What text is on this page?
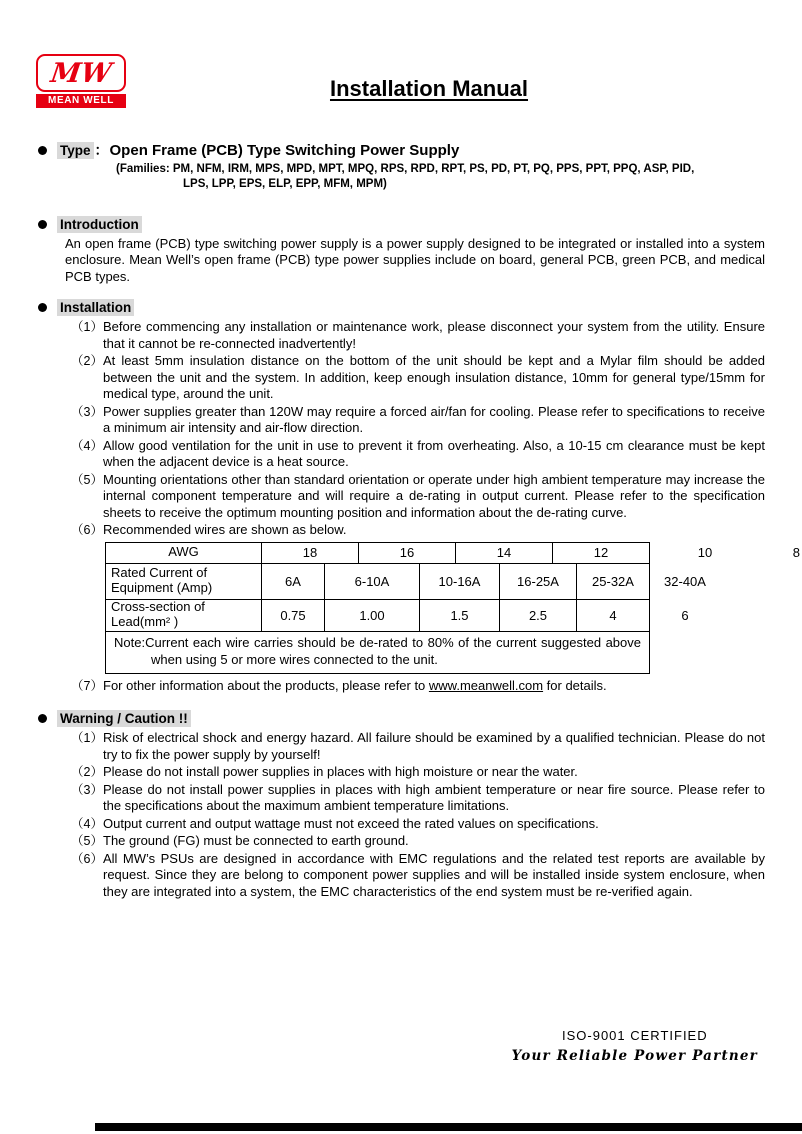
MW
MEAN WELL	Installation Manual
Type ： Open Frame (PCB) Type Switching Power Supply
(Families: PM, NFM, IRM, MPS, MPD, MPT, MPQ, RPS, RPD, RPT, PS, PD, PT, PQ, PPS, PPT, PPQ, ASP, PID,
LPS, LPP, EPS, ELP, EPP, MFM, MPM)
Introduction
An open frame (PCB) type switching power supply is a power supply designed to be integrated or installed into a system enclosure. Mean Well’s open frame (PCB) type power supplies include on board, general PCB, green PCB, and medical PCB types.
Installation
（1） Before commencing any installation or maintenance work, please disconnect your system from the utility. Ensure that it cannot be re-connected inadvertently!
（2） At least 5mm insulation distance on the bottom of the unit should be kept and a Mylar film should be added between the unit and the system. In addition, keep enough insulation distance, 10mm for general type/15mm for medical type, around the unit.
（3） Power supplies greater than 120W may require a forced air/fan for cooling. Please refer to specifications to receive a minimum air intensity and air-flow direction.
（4） Allow good ventilation for the unit in use to prevent it from overheating. Also, a 10-15 cm clearance must be kept when the adjacent device is a heat source.
（5） Mounting orientations other than standard orientation or operate under high ambient temperature may increase the internal component temperature and will require a de-rating in output current. Please refer to the specification sheets to receive the optimum mounting position and information about the de-rating curve.
（6） Recommended wires are shown as below.
AWG	18	16	14	12	10	8
Rated Current of Equipment (Amp)	6A	6-10A	10-16A	16-25A	25-32A	32-40A
Cross-section of Lead(mm² )	0.75	1.00	1.5	2.5	4	6
Note:Current each wire carries should be de-rated to 80% of the current suggested above when using 5 or more wires connected to the unit.
（7） For other information about the products, please refer to www.meanwell.com for details.
Warning / Caution !!
（1） Risk of electrical shock and energy hazard. All failure should be examined by a qualified technician. Please do not try to fix the power supply by yourself!
（2） Please do not install power supplies in places with high moisture or near the water.
（3） Please do not install power supplies in places with high ambient temperature or near fire source. Please refer to the specifications about the maximum ambient temperature limitations.
（4） Output current and output wattage must not exceed the rated values on specifications.
（5） The ground (FG) must be connected to earth ground.
（6） All MW’s PSUs are designed in accordance with EMC regulations and the related test reports are available by request. Since they are belong to component power supplies and will be installed inside system enclosure, when they are integrated into a system, the EMC characteristics of the end system must be re-verified again.
ISO-9001 CERTIFIED
Your Reliable Power Partner
